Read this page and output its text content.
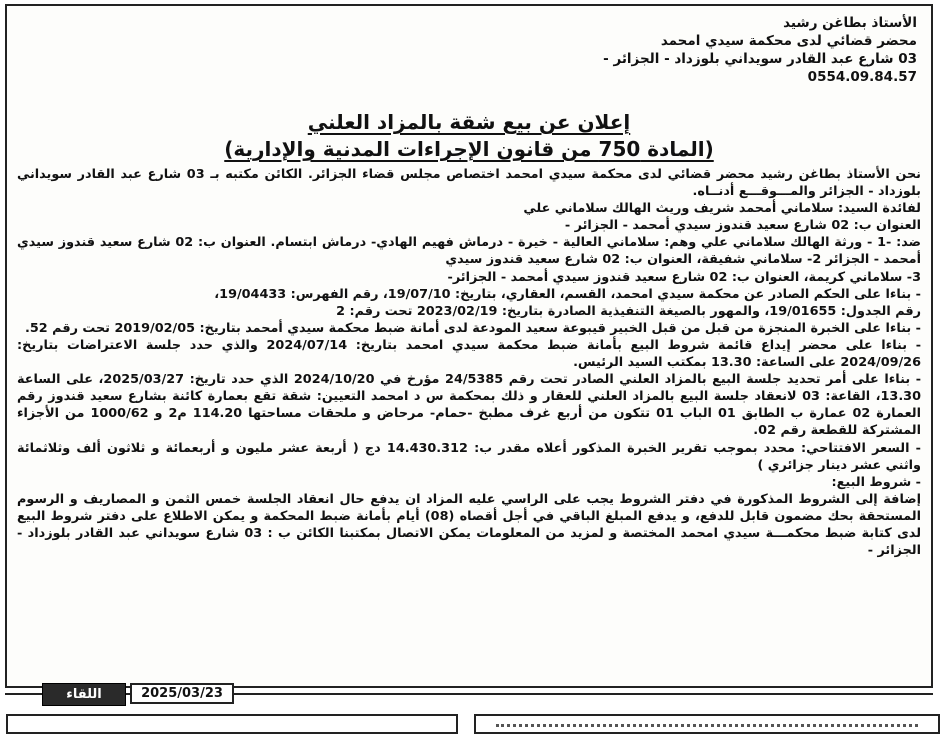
الأستاذ بطاغن رشيد
محضر قضائي لدى محكمة سيدي امحمد
03 شارع عبد القادر سويداني بلوزداد - الجزائر -
0554.09.84.57
إعلان عن بيع شقة بالمزاد العلني
(المادة 750 من قانون الإجراءات المدنية والإدارية)

نحن الأستاذ بطاغن رشيد محضر قضائي لدى محكمة سيدي امحمد اختصاص مجلس قضاء الجزائر. الكائن مكتبه بـ 03 شارع عبد القادر سويداني بلوزداد - الجزائر والمـــوقـــع أدنــاه.

لفائدة السيد: سلاماني أمحمد شريف وريث الهالك سلاماني علي

العنوان ب: 02 شارع سعيد قندوز سيدي أمحمد - الجزائر -

ضد: -1 - ورثة الهالك سلاماني علي وهم: سلاماني العالية - خيرة - درماش فهيم الهادي- درماش ابتسام. العنوان ب: 02 شارع سعيد قندوز سيدي أمحمد - الجزائر 2- سلاماني شفيقة، العنوان ب: 02 شارع سعيد قندوز سيدي

3- سلاماني كريمة، العنوان ب: 02 شارع سعيد قندوز سيدي أمحمد - الجزائر-

- بناءا على الحكم الصادر عن محكمة سيدي امحمد، القسم، العقاري، بتاريخ: 19/07/10، رقم الفهرس: 19/04433،

رقم الجدول: 19/01655، والمهور بالصيغة التنفيذية الصادرة بتاريخ: 2023/02/19 تحت رقم: 2

- بناءا على الخبرة المنجزة من قبل من قبل الخبير قيبوعة سعيد المودعة لدى أمانة ضبط محكمة سيدي أمحمد بتاريخ: 2019/02/05 تحت رقم 52.

- بناءا على محضر إيداع قائمة شروط البيع بأمانة ضبط محكمة سيدي امحمد بتاريخ: 2024/07/14 والذي حدد جلسة الاعتراضات بتاريخ: 2024/09/26 على الساعة: 13.30 بمكتب السيد الرئيس.

- بناءا على أمر تحديد جلسة البيع بالمزاد العلني الصادر تحت رقم 24/5385 مؤرخ في 2024/10/20 الذي حدد تاريخ: 2025/03/27، على الساعة 13.30، القاعة: 03 لانعقاد جلسة البيع بالمزاد العلني للعقار و ذلك بمحكمة س د امحمد التعيين: شقة تقع بعمارة كائنة بشارع سعيد قندوز رقم العمارة 02 عمارة ب الطابق 01 الباب 01 تتكون من أربع غرف مطبخ -حمام- مرحاض و ملحقات مساحتها 114.20 م2 و 1000/62 من الأجزاء المشتركة للقطعة رقم 02.

- السعر الافتتاحي: محدد بموجب تقرير الخبرة المذكور أعلاه مقدر ب: 14.430.312 دج ( أربعة عشر مليون و أربعمائة و ثلاثون ألف وثلاثمائة واثني عشر دينار جزائري )

- شروط البيع:

إضافة إلى الشروط المذكورة في دفتر الشروط يجب على الراسي عليه المزاد ان يدفع حال انعقاد الجلسة خمس الثمن و المصاريف و الرسوم المستحقة بحك مضمون قابل للدفع، و يدفع المبلغ الباقي في أجل أقصاه (08) أيام بأمانة ضبط المحكمة و يمكن الاطلاع على دفتر شروط البيع لدى كتابة ضبط محكمـــة سيدي امحمد المختصة و لمزيد من المعلومات يمكن الاتصال بمكتبنا الكائن ب : 03 شارع سويداني عبد القادر بلوزداد - الجزائر -

اللقاء	2025/03/23
